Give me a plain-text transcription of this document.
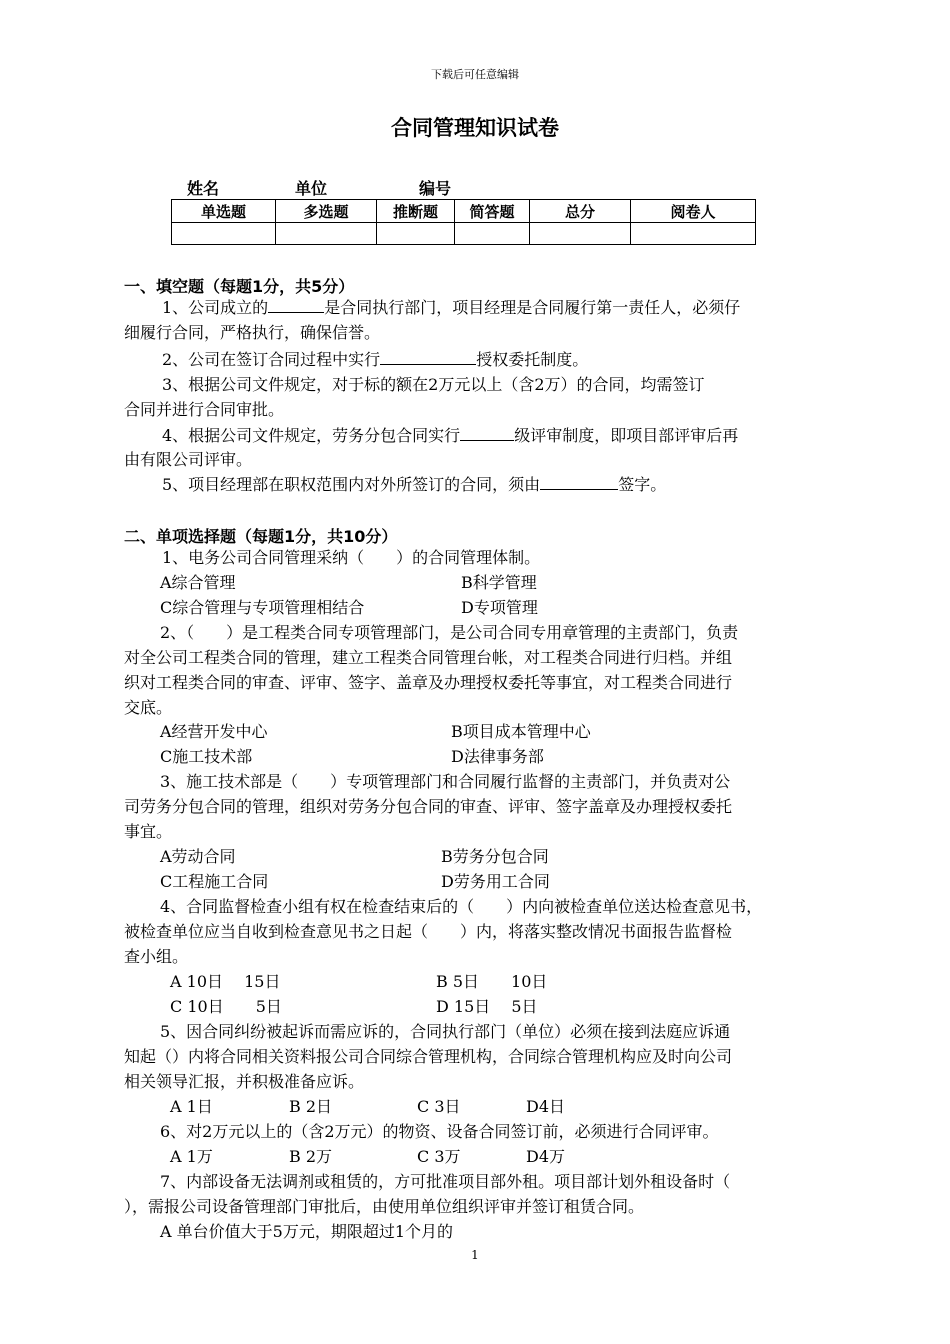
下载后可任意编辑
合同管理知识试卷
姓名	单位	编号
单选题	多选题	推断题	简答题	总分	阅卷人

一、填空题（每题1分，共5分）
1、公司成立的	是合同执行部门，项目经理是合同履行第一责任人，必须仔
细履行合同，严格执行，确保信誉。
2、公司在签订合同过程中实行	授权委托制度。
3、根据公司文件规定，对于标的额在2万元以上（含2万）的合同，均需签订
合同并进行合同审批。
4、根据公司文件规定，劳务分包合同实行	级评审制度，即项目部评审后再
由有限公司评审。
5、项目经理部在职权范围内对外所签订的合同，须由	签字。
二、单项选择题（每题1分，共10分）
1、电务公司合同管理采纳（　　）的合同管理体制。
A综合管理	B科学管理
C综合管理与专项管理相结合	D专项管理
2、（　　）是工程类合同专项管理部门，是公司合同专用章管理的主责部门，负责
对全公司工程类合同的管理，建立工程类合同管理台帐，对工程类合同进行归档。并组
织对工程类合同的审查、评审、签字、盖章及办理授权委托等事宜，对工程类合同进行
交底。
A经营开发中心	B项目成本管理中心
C施工技术部	D法律事务部
3、施工技术部是（　　）专项管理部门和合同履行监督的主责部门，并负责对公
司劳务分包合同的管理，组织对劳务分包合同的审查、评审、签字盖章及办理授权委托
事宜。
A劳动合同	B劳务分包合同
C工程施工合同	D劳务用工合同
4、合同监督检查小组有权在检查结束后的（　　）内向被检查单位送达检查意见书，
被检查单位应当自收到检查意见书之日起（　　）内，将落实整改情况书面报告监督检
查小组。
A 10日　 15日	B 5日　　10日
C 10日　　5日	D 15日　 5日
5、因合同纠纷被起诉而需应诉的，合同执行部门（单位）必须在接到法庭应诉通
知起（）内将合同相关资料报公司合同综合管理机构，合同综合管理机构应及时向公司
相关领导汇报，并积极准备应诉。
A 1日	B 2日	C 3日	D4日
6、对2万元以上的（含2万元）的物资、设备合同签订前，必须进行合同评审。
A 1万	B 2万	C 3万	D4万
7、内部设备无法调剂或租赁的，方可批准项目部外租。项目部计划外租设备时（
），需报公司设备管理部门审批后，由使用单位组织评审并签订租赁合同。
A 单台价值大于5万元，期限超过1个月的
1
